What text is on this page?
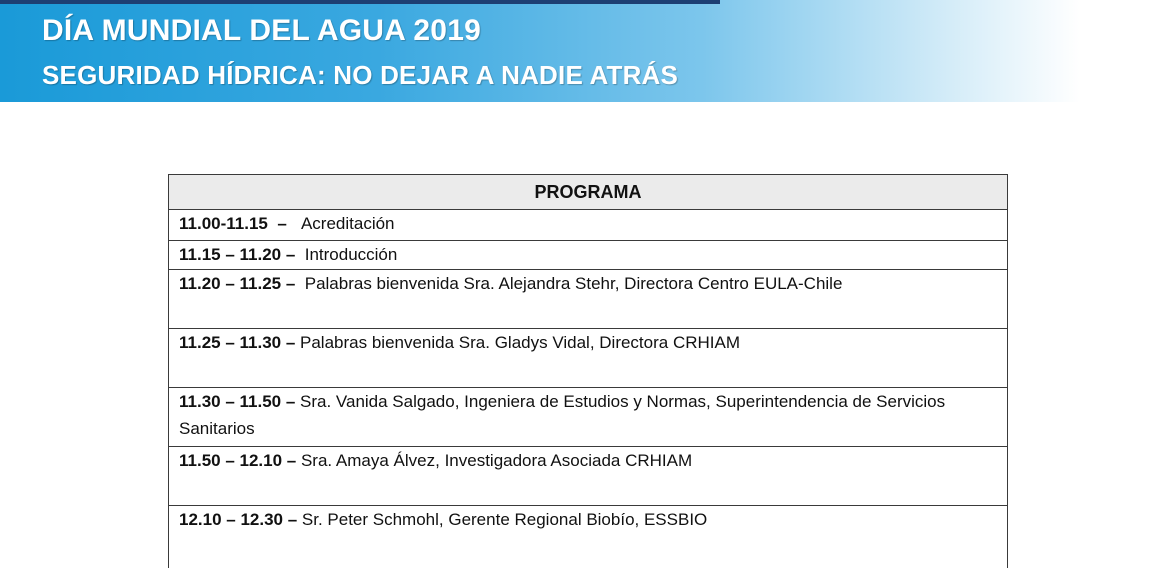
DÍA MUNDIAL DEL AGUA 2019
SEGURIDAD HÍDRICA: NO DEJAR A NADIE ATRÁS
PROGRAMA
11.00-11.15  –   Acreditación
11.15 – 11.20 –  Introducción
11.20 – 11.25 –  Palabras bienvenida Sra. Alejandra Stehr, Directora Centro EULA-Chile
11.25 – 11.30 – Palabras bienvenida Sra. Gladys Vidal, Directora CRHIAM
11.30 – 11.50 – Sra. Vanida Salgado, Ingeniera de Estudios y Normas, Superintendencia de Servicios Sanitarios
11.50 – 12.10 – Sra. Amaya Álvez, Investigadora Asociada CRHIAM
12.10 – 12.30 – Sr. Peter Schmohl, Gerente Regional Biobío, ESSBIO
